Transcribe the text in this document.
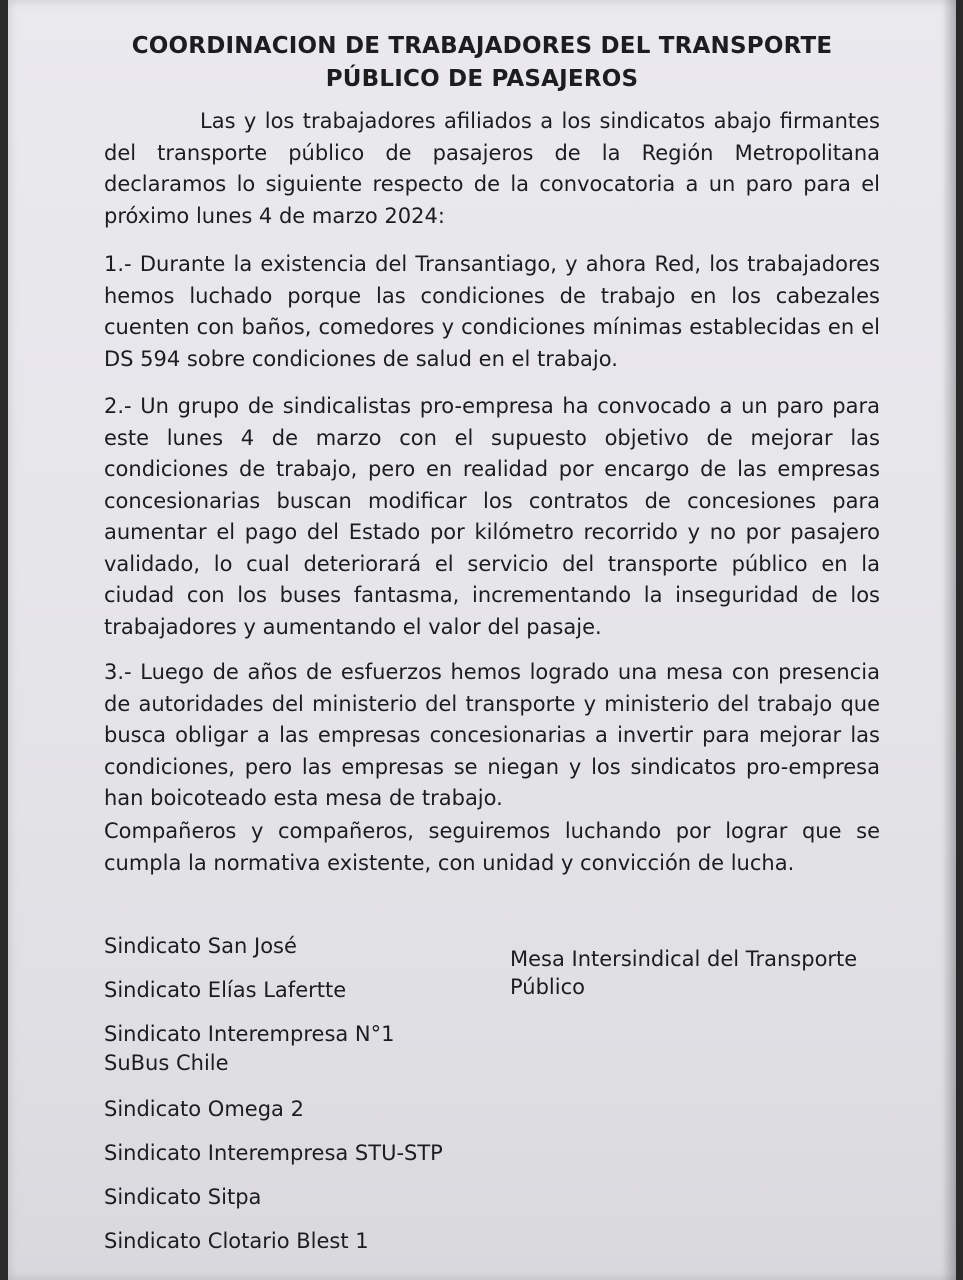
COORDINACION DE TRABAJADORES DEL TRANSPORTE
PÚBLICO DE PASAJEROS
Las y los trabajadores afiliados a los sindicatos abajo firmantes del transporte público de pasajeros de la Región Metropolitana declaramos lo siguiente respecto de la convocatoria a un paro para el próximo lunes 4 de marzo 2024:
1.- Durante la existencia del Transantiago, y ahora Red, los trabajadores hemos luchado porque las condiciones de trabajo en los cabezales cuenten con baños, comedores y condiciones mínimas establecidas en el DS 594 sobre condiciones de salud en el trabajo.
2.- Un grupo de sindicalistas pro-empresa ha convocado a un paro para este lunes 4 de marzo con el supuesto objetivo de mejorar las condiciones de trabajo, pero en realidad por encargo de las empresas concesionarias buscan modificar los contratos de concesiones para aumentar el pago del Estado por kilómetro recorrido y no por pasajero validado, lo cual deteriorará el servicio del transporte público en la ciudad con los buses fantasma, incrementando la inseguridad de los trabajadores y aumentando el valor del pasaje.
3.- Luego de años de esfuerzos hemos logrado una mesa con presencia de autoridades del ministerio del transporte y ministerio del trabajo que busca obligar a las empresas concesionarias a invertir para mejorar las condiciones, pero las empresas se niegan y los sindicatos pro-empresa han boicoteado esta mesa de trabajo.
Compañeros y compañeros, seguiremos luchando por lograr que se cumpla la normativa existente, con unidad y convicción de lucha.
Sindicato San José
Sindicato Elías Lafertte
Sindicato Interempresa N°1
SuBus Chile
Sindicato Omega 2
Sindicato Interempresa STU-STP
Sindicato Sitpa
Sindicato Clotario Blest 1
Mesa Intersindical del Transporte
Público
